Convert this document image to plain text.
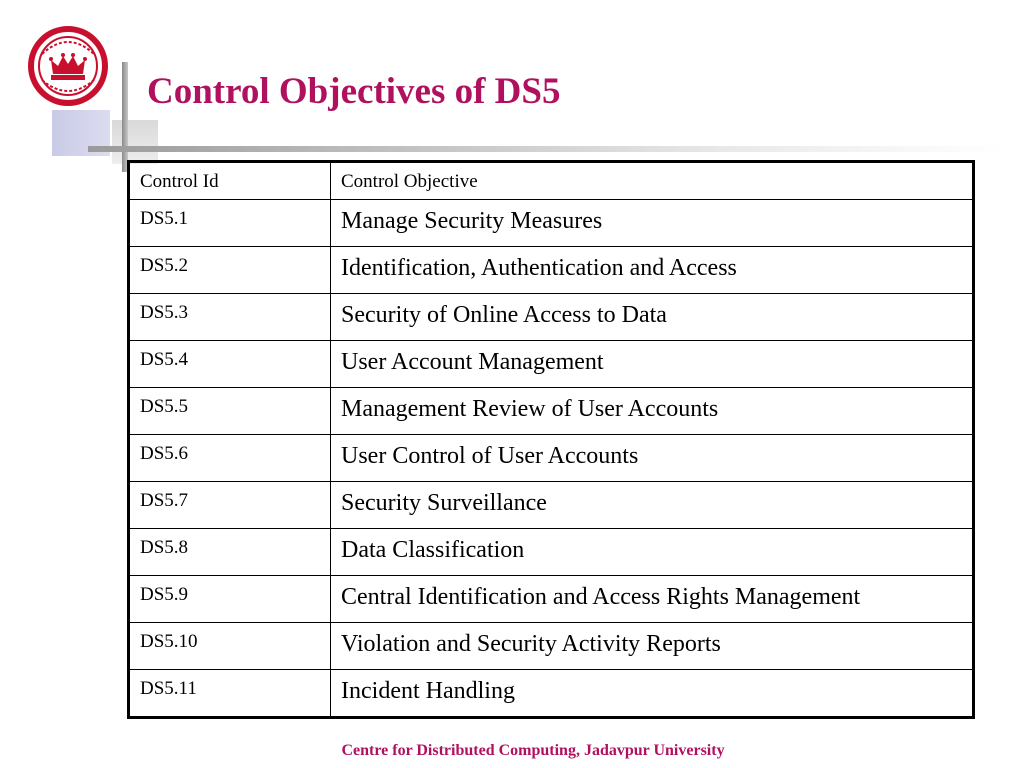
Control Objectives of DS5
Control Id	Control Objective
DS5.1	Manage Security Measures
DS5.2	Identification, Authentication and Access
DS5.3	Security of Online Access to Data
DS5.4	User Account Management
DS5.5	Management Review of User Accounts
DS5.6	User Control of User Accounts
DS5.7	Security Surveillance
DS5.8	Data Classification
DS5.9	Central Identification and Access Rights Management
DS5.10	Violation and Security Activity Reports
DS5.11	Incident Handling
Centre for Distributed Computing, Jadavpur University
